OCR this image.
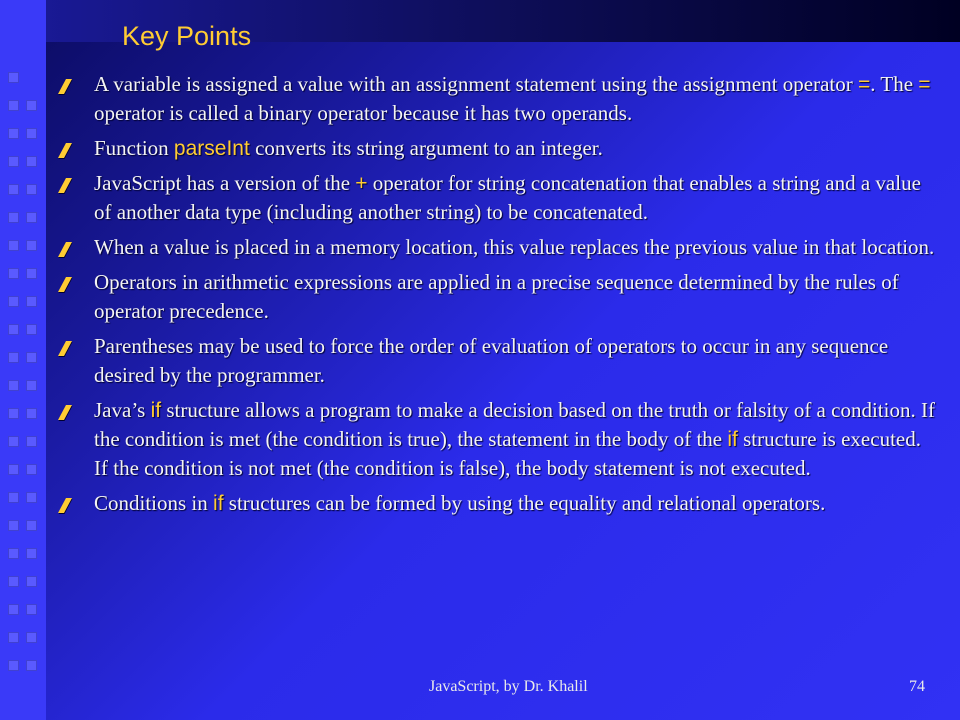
Key Points
A variable is assigned a value with an assignment statement using the assignment operator =. The = operator is called a binary operator because it has two operands.
Function parseInt converts its string argument to an integer.
JavaScript has a version of the + operator for string concatenation that enables a string and a value of another data type (including another string) to be concatenated.
When a value is placed in a memory location, this value replaces the previous value in that location.
Operators in arithmetic expressions are applied in a precise sequence determined by the rules of operator precedence.
Parentheses may be used to force the order of evaluation of operators to occur in any sequence desired by the programmer.
Java’s if structure allows a program to make a decision based on the truth or falsity of a condition. If the condition is met (the condition is true), the statement in the body of the if structure is executed. If the condition is not met (the condition is false), the body statement is not executed.
Conditions in if structures can be formed by using the equality and relational operators.
JavaScript, by Dr. Khalil	74
